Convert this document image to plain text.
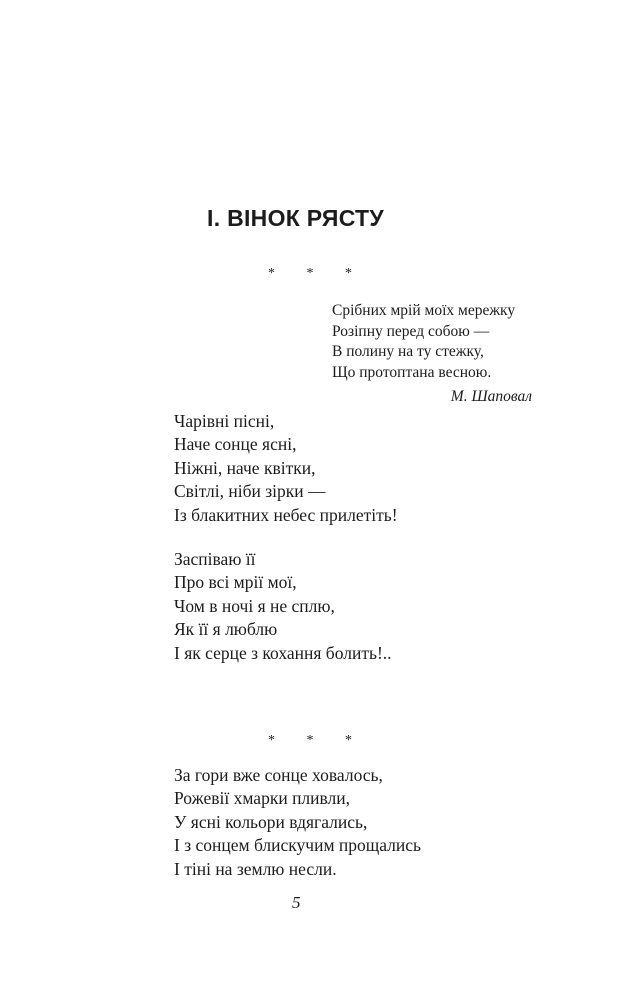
I. ВІНОК РЯСТУ
* * *
Срібних мрій моїх мережку
Розіпну перед собою —
В полину на ту стежку,
Що протоптана весною.
М. Шаповал
Чарівні пісні,
Наче сонце ясні,
Ніжні, наче квітки,
Світлі, ніби зірки —
Із блакитних небес прилетіть!
Заспіваю її
Про всі мрії мої,
Чом в ночі я не сплю,
Як її я люблю
І як серце з кохання болить!..
* * *
За гори вже сонце ховалось,
Рожевії хмарки пливли,
У ясні кольори вдягались,
І з сонцем блискучим прощались
І тіні на землю несли.
5
